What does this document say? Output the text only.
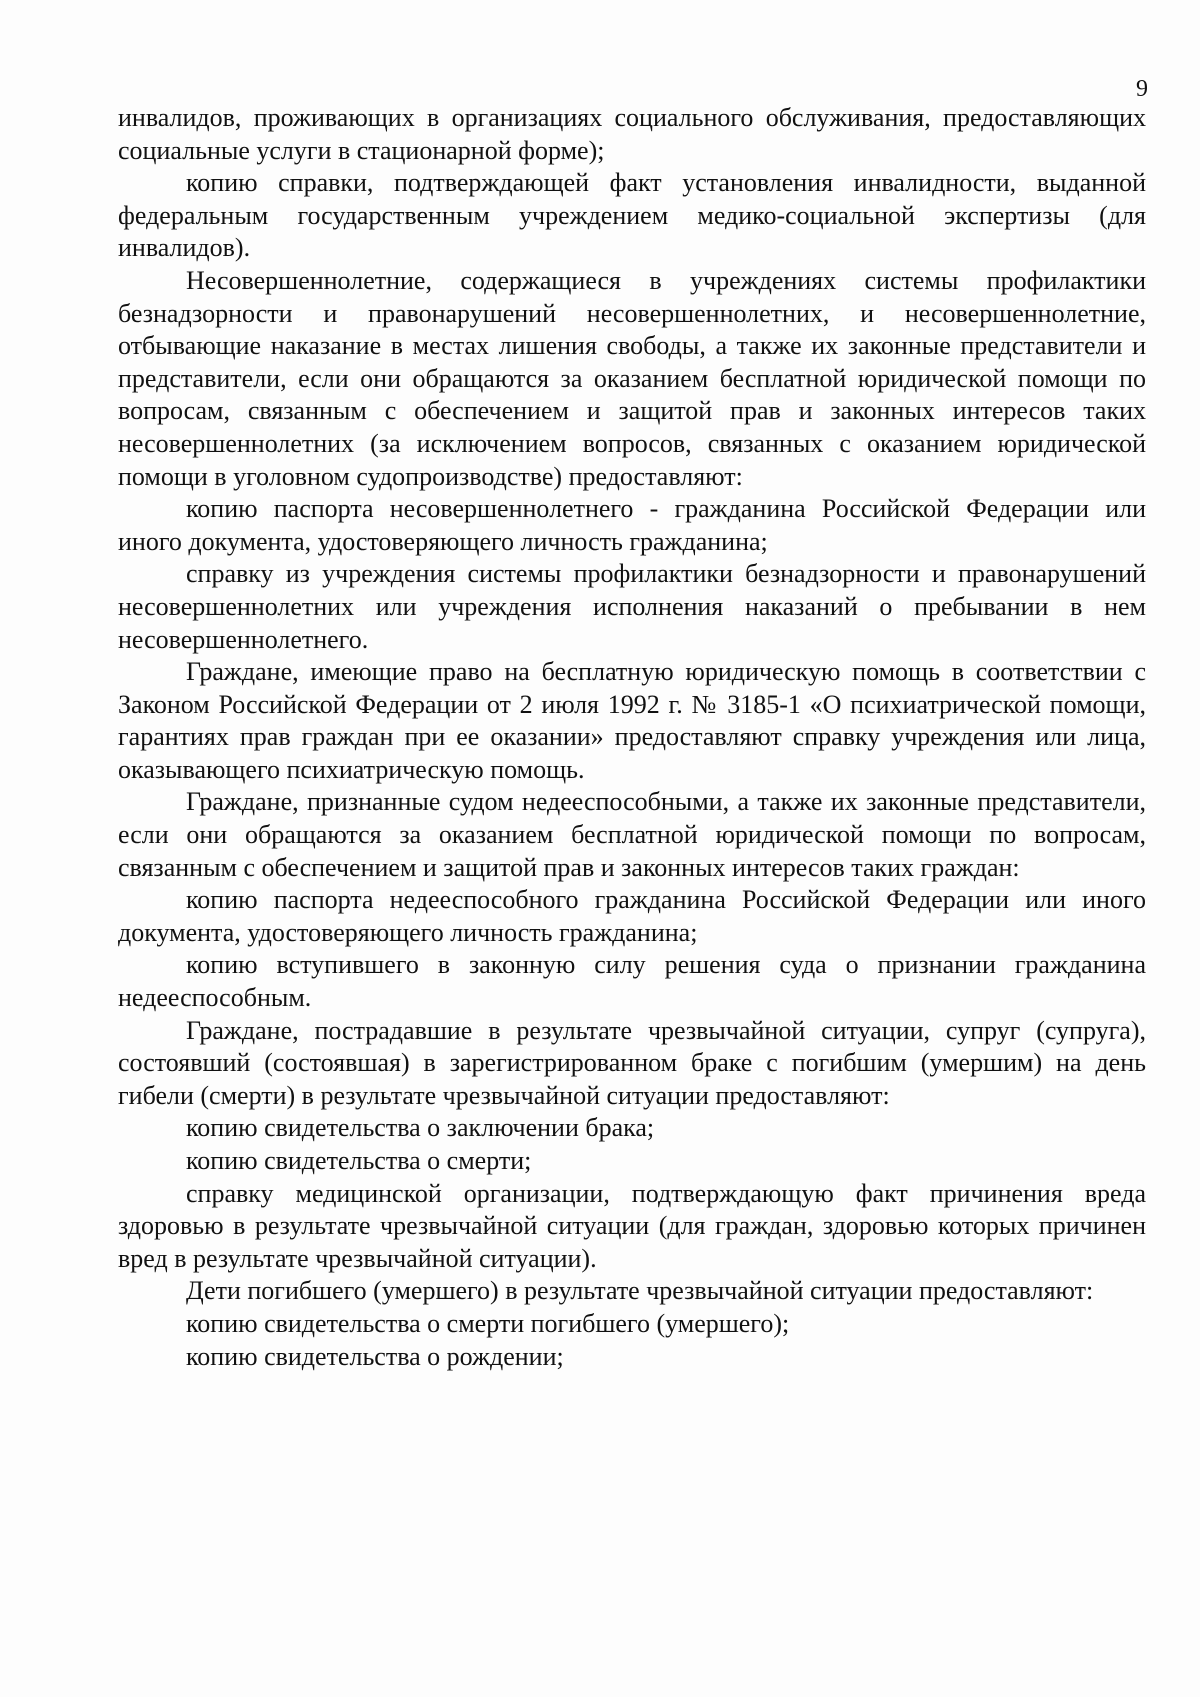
9

инвалидов, проживающих в организациях социального обслуживания, предоставляющих социальные услуги в стационарной форме);

копию справки, подтверждающей факт установления инвалидности, выданной федеральным государственным учреждением медико-социальной экспертизы (для инвалидов).

Несовершеннолетние, содержащиеся в учреждениях системы профилактики безнадзорности и правонарушений несовершеннолетних, и несовершеннолетние, отбывающие наказание в местах лишения свободы, а также их законные представители и представители, если они обращаются за оказанием бесплатной юридической помощи по вопросам, связанным с обеспечением и защитой прав и законных интересов таких несовершеннолетних (за исключением вопросов, связанных с оказанием юридической помощи в уголовном судопроизводстве) предоставляют:

копию паспорта несовершеннолетнего - гражданина Российской Федерации или иного документа, удостоверяющего личность гражданина;

справку из учреждения системы профилактики безнадзорности и правонарушений несовершеннолетних или учреждения исполнения наказаний о пребывании в нем несовершеннолетнего.

Граждане, имеющие право на бесплатную юридическую помощь в соответствии с Законом Российской Федерации от 2 июля 1992 г. № 3185-1 «О психиатрической помощи, гарантиях прав граждан при ее оказании» предоставляют справку учреждения или лица, оказывающего психиатрическую помощь.

Граждане, признанные судом недееспособными, а также их законные представители, если они обращаются за оказанием бесплатной юридической помощи по вопросам, связанным с обеспечением и защитой прав и законных интересов таких граждан:

копию паспорта недееспособного гражданина Российской Федерации или иного документа, удостоверяющего личность гражданина;

копию вступившего в законную силу решения суда о признании гражданина недееспособным.

Граждане, пострадавшие в результате чрезвычайной ситуации, супруг (супруга), состоявший (состоявшая) в зарегистрированном браке с погибшим (умершим) на день гибели (смерти) в результате чрезвычайной ситуации предоставляют:

копию свидетельства о заключении брака;

копию свидетельства о смерти;

справку медицинской организации, подтверждающую факт причинения вреда здоровью в результате чрезвычайной ситуации (для граждан, здоровью которых причинен вред в результате чрезвычайной ситуации).

Дети погибшего (умершего) в результате чрезвычайной ситуации предоставляют:

копию свидетельства о смерти погибшего (умершего);

копию свидетельства о рождении;
